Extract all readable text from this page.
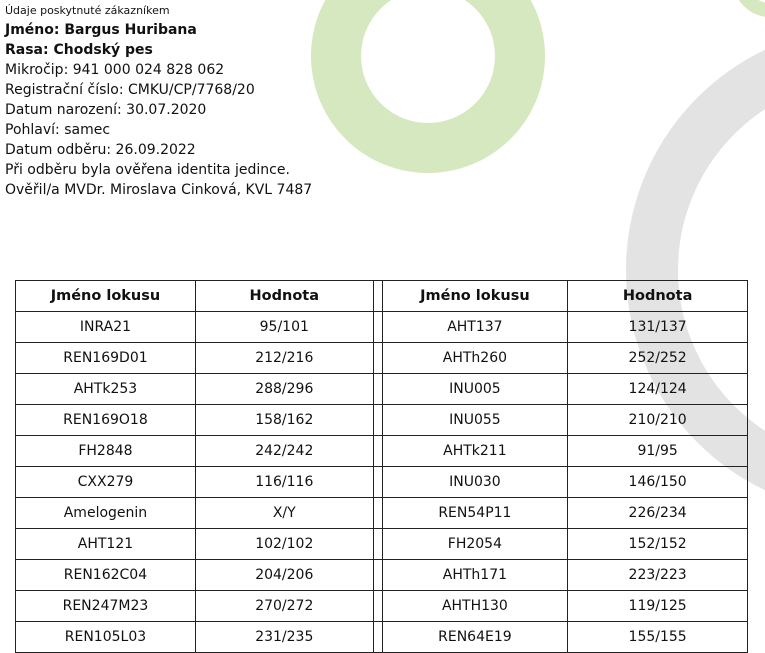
Údaje poskytnuté zákazníkem
Jméno: Bargus Huribana
Rasa: Chodský pes
Mikročip: 941 000 024 828 062
Registrační číslo: CMKU/CP/7768/20
Datum narození: 30.07.2020
Pohlaví: samec
Datum odběru: 26.09.2022
Při odběru byla ověřena identita jedince.
Ověřil/a MVDr. Miroslava Cinková, KVL 7487
Jméno lokusu	Hodnota		Jméno lokusu	Hodnota
INRA21	95/101		AHT137	131/137
REN169D01	212/216		AHTh260	252/252
AHTk253	288/296		INU005	124/124
REN169O18	158/162		INU055	210/210
FH2848	242/242		AHTk211	91/95
CXX279	116/116		INU030	146/150
Amelogenin	X/Y		REN54P11	226/234
AHT121	102/102		FH2054	152/152
REN162C04	204/206		AHTh171	223/223
REN247M23	270/272		AHTH130	119/125
REN105L03	231/235		REN64E19	155/155
